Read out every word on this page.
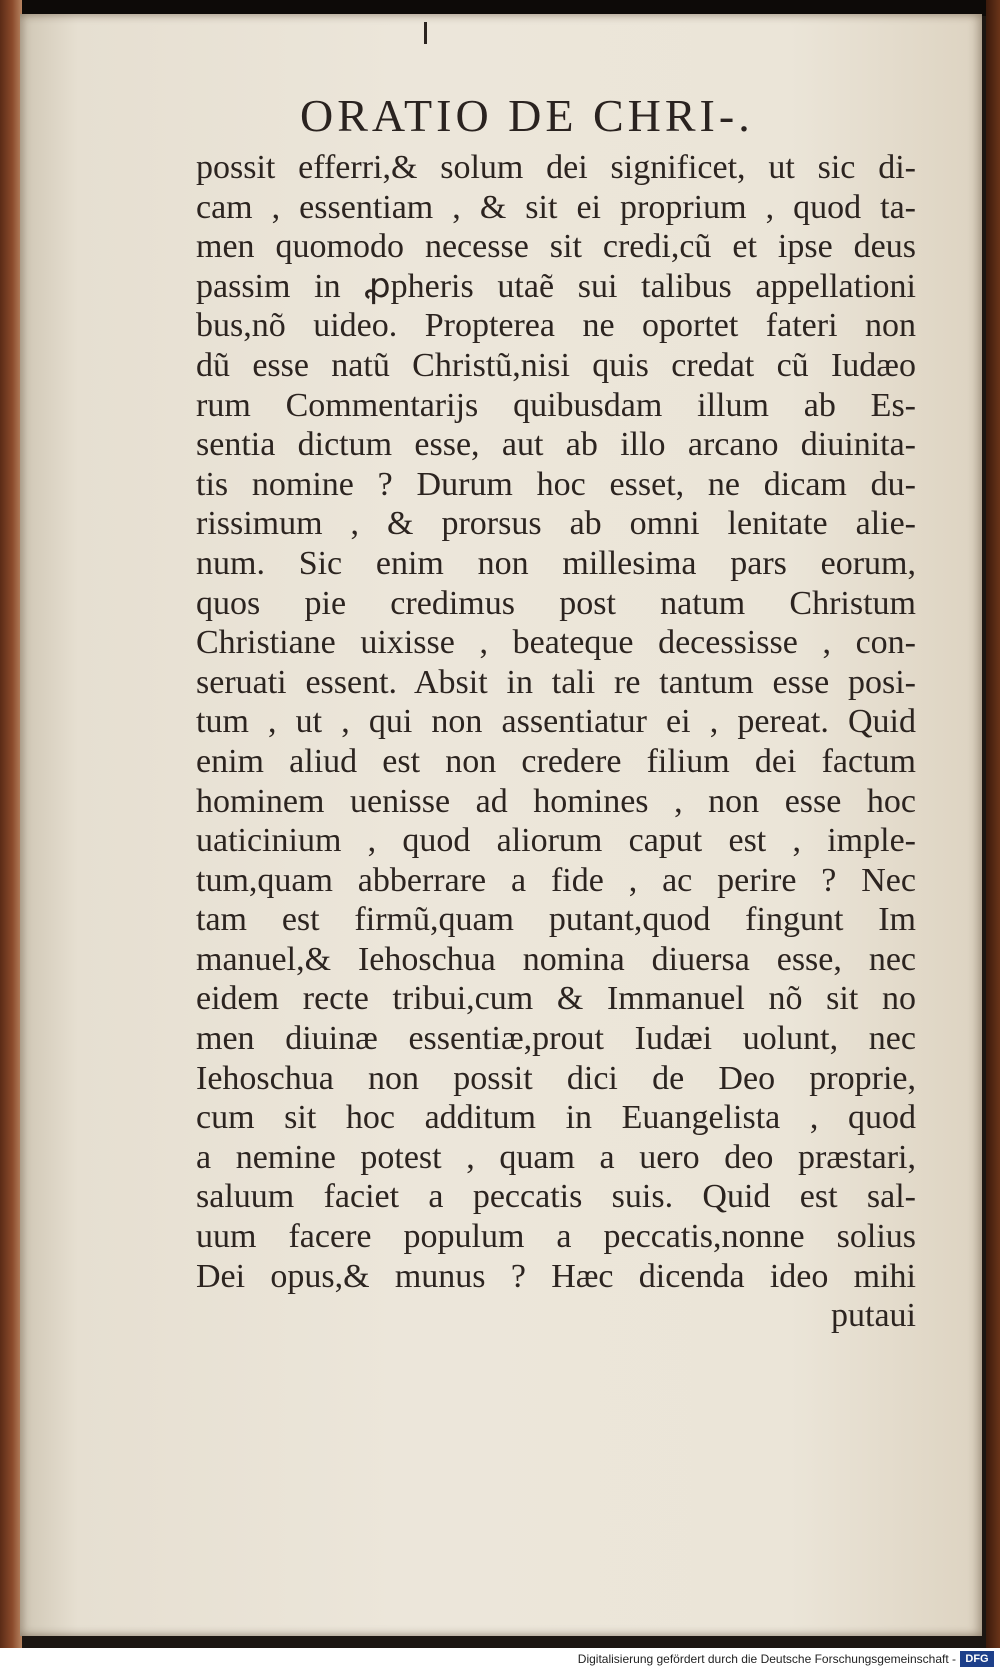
ORATIO DE CHRI-.
possit efferri,& solum dei significet, ut sic di-
cam , essentiam , & sit ei proprium , quod ta-
men quomodo necesse sit credi,cũ et ipse deus
passim in ꝓpheris utaẽ sui talibus appellationi
bus,nõ uideo. Propterea ne oportet fateri non
dũ esse natũ Christũ,nisi quis credat cũ Iudæo
rum Commentarijs quibusdam illum ab Es-
sentia dictum esse, aut ab illo arcano diuinita-
tis nomine ? Durum hoc esset, ne dicam du-
rissimum , & prorsus ab omni lenitate alie-
num. Sic enim non millesima pars eorum,
quos pie credimus post natum Christum
Christiane uixisse , beateque decessisse , con-
seruati essent. Absit in tali re tantum esse posi-
tum , ut , qui non assentiatur ei , pereat. Quid
enim aliud est non credere filium dei factum
hominem uenisse ad homines , non esse hoc
uaticinium , quod aliorum caput est , imple-
tum,quam abberrare a fide , ac perire ? Nec
tam est firmũ,quam putant,quod fingunt Im
manuel,& Iehoschua nomina diuersa esse, nec
eidem recte tribui,cum & Immanuel nõ sit no
men diuinæ essentiæ,prout Iudæi uolunt, nec
Iehoschua non possit dici de Deo proprie,
cum sit hoc additum in Euangelista , quod
a nemine potest , quam a uero deo præstari,
saluum faciet a peccatis suis. Quid est sal-
uum facere populum a peccatis,nonne solius
Dei opus,& munus ? Hæc dicenda ideo mihi
putaui
Digitalisierung gefördert durch die Deutsche Forschungsgemeinschaft - DFG
